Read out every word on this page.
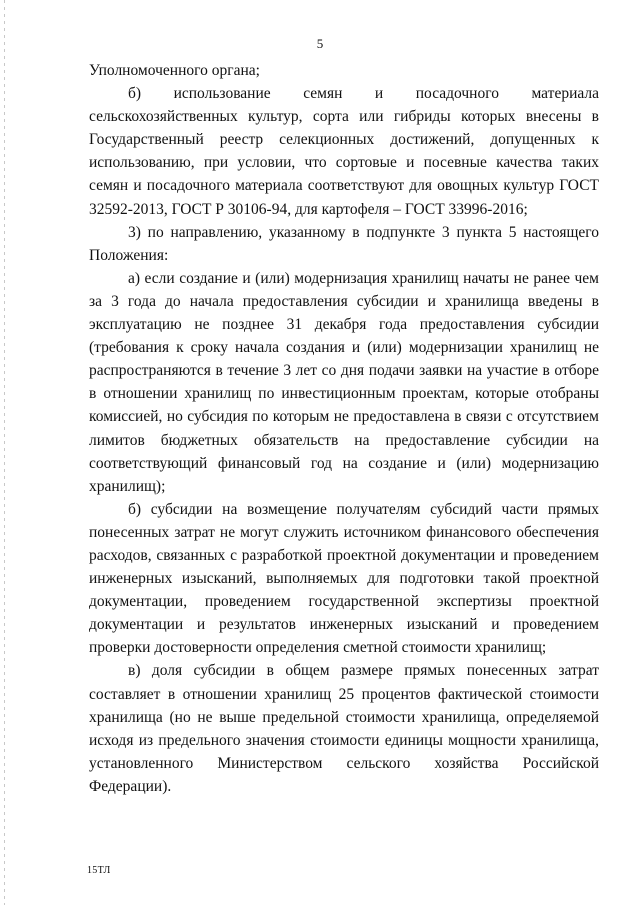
5

Уполномоченного органа;

б) использование семян и посадочного материала сельскохозяйственных культур, сорта или гибриды которых внесены в Государственный реестр селекционных достижений, допущенных к использованию, при условии, что сортовые и посевные качества таких семян и посадочного материала соответствуют для овощных культур ГОСТ 32592-2013, ГОСТ Р 30106-94, для картофеля – ГОСТ 33996-2016;

3) по направлению, указанному в подпункте 3 пункта 5 настоящего Положения:

а) если создание и (или) модернизация хранилищ начаты не ранее чем за 3 года до начала предоставления субсидии и хранилища введены в эксплуатацию не позднее 31 декабря года предоставления субсидии (требования к сроку начала создания и (или) модернизации хранилищ не распространяются в течение 3 лет со дня подачи заявки на участие в отборе в отношении хранилищ по инвестиционным проектам, которые отобраны комиссией, но субсидия по которым не предоставлена в связи с отсутствием лимитов бюджетных обязательств на предоставление субсидии на соответствующий финансовый год на создание и (или) модернизацию хранилищ);

б) субсидии на возмещение получателям субсидий части прямых понесенных затрат не могут служить источником финансового обеспечения расходов, связанных с разработкой проектной документации и проведением инженерных изысканий, выполняемых для подготовки такой проектной документации, проведением государственной экспертизы проектной документации и результатов инженерных изысканий и проведением проверки достоверности определения сметной стоимости хранилищ;

в) доля субсидии в общем размере прямых понесенных затрат составляет в отношении хранилищ 25 процентов фактической стоимости хранилища (но не выше предельной стоимости хранилища, определяемой исходя из предельного значения стоимости единицы мощности хранилища, установленного Министерством сельского хозяйства Российской Федерации).

15ТЛ
